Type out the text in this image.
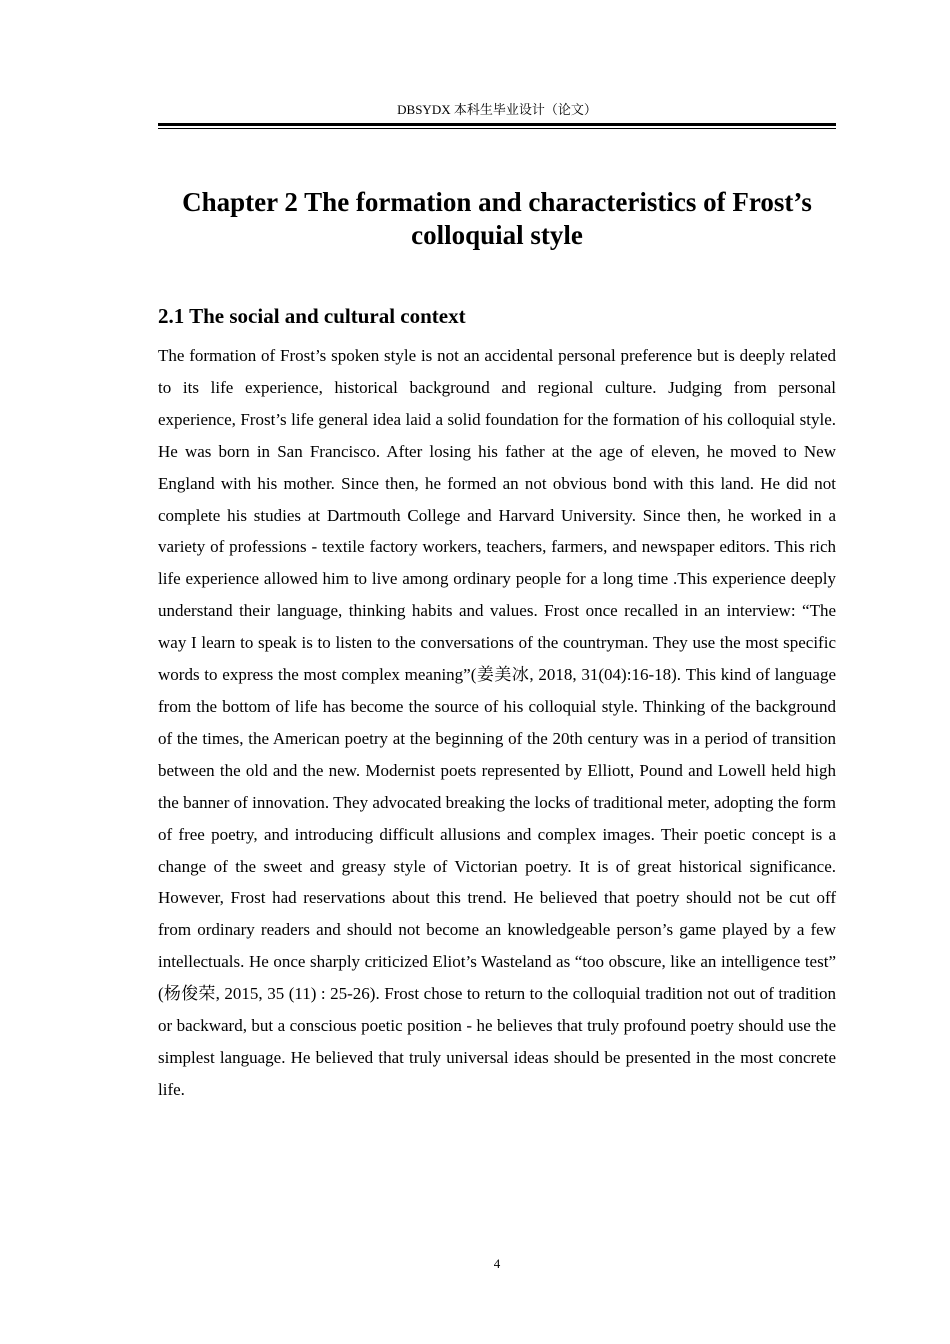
DBSYDX 本科生毕业设计（论文）
Chapter 2 The formation and characteristics of Frost’s colloquial style
2.1 The social and cultural context

The formation of Frost’s spoken style is not an accidental personal preference but is deeply related to its life experience, historical background and regional culture. Judging from personal experience, Frost’s life general idea laid a solid foundation for the formation of his colloquial style. He was born in San Francisco. After losing his father at the age of eleven, he moved to New England with his mother. Since then, he formed an not obvious bond with this land. He did not complete his studies at Dartmouth College and Harvard University. Since then, he worked in a variety of professions - textile factory workers, teachers, farmers, and newspaper editors. This rich life experience allowed him to live among ordinary people for a long time .This experience deeply understand their language, thinking habits and values. Frost once recalled in an interview: “The way I learn to speak is to listen to the conversations of the countryman. They use the most specific words to express the most complex meaning”(姜美冰, 2018, 31(04):16-18). This kind of language from the bottom of life has become the source of his colloquial style. Thinking of the background of the times, the American poetry at the beginning of the 20th century was in a period of transition between the old and the new. Modernist poets represented by Elliott, Pound and Lowell held high the banner of innovation. They advocated breaking the locks of traditional meter, adopting the form of free poetry, and introducing difficult allusions and complex images. Their poetic concept is a change of the sweet and greasy style of Victorian poetry. It is of great historical significance. However, Frost had reservations about this trend. He believed that poetry should not be cut off from ordinary readers and should not become an knowledgeable person’s game played by a few intellectuals. He once sharply criticized Eliot’s Wasteland as “too obscure, like an intelligence test” (杨俊荣, 2015, 35 (11) : 25-26). Frost chose to return to the colloquial tradition not out of tradition or backward, but a conscious poetic position - he believes that truly profound poetry should use the simplest language. He believed that truly universal ideas should be presented in the most concrete life.

4
